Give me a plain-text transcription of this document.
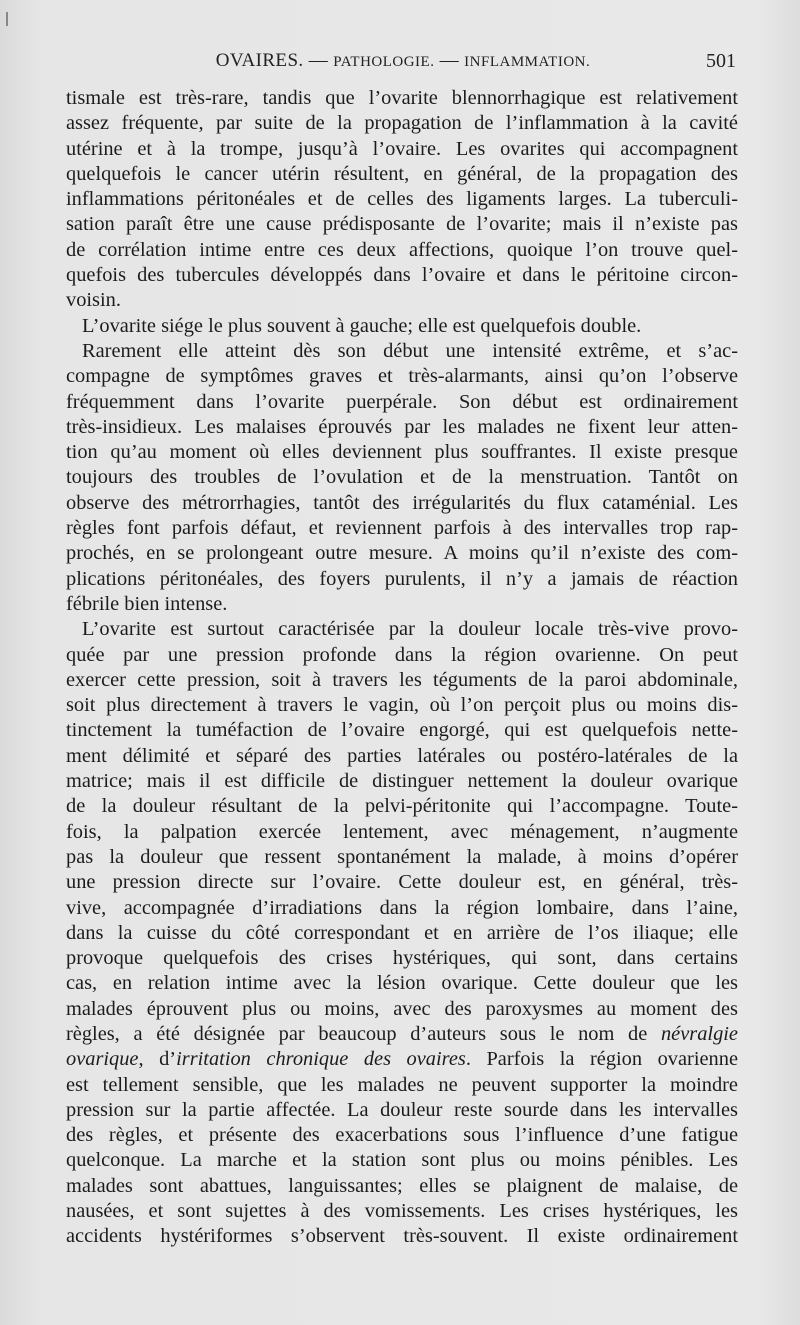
OVAIRES. — PATHOLOGIE. — INFLAMMATION.	501
tismale est très-rare, tandis que l’ovarite blennorrhagique est relativement
assez fréquente, par suite de la propagation de l’inflammation à la cavité
utérine et à la trompe, jusqu’à l’ovaire. Les ovarites qui accompagnent
quelquefois le cancer utérin résultent, en général, de la propagation des
inflammations péritonéales et de celles des ligaments larges. La tuberculi-
sation paraît être une cause prédisposante de l’ovarite; mais il n’existe pas
de corrélation intime entre ces deux affections, quoique l’on trouve quel-
quefois des tubercules développés dans l’ovaire et dans le péritoine circon-
voisin.
L’ovarite siége le plus souvent à gauche; elle est quelquefois double.
Rarement elle atteint dès son début une intensité extrême, et s’ac-
compagne de symptômes graves et très-alarmants, ainsi qu’on l’observe
fréquemment dans l’ovarite puerpérale. Son début est ordinairement
très-insidieux. Les malaises éprouvés par les malades ne fixent leur atten-
tion qu’au moment où elles deviennent plus souffrantes. Il existe presque
toujours des troubles de l’ovulation et de la menstruation. Tantôt on
observe des métrorrhagies, tantôt des irrégularités du flux cataménial. Les
règles font parfois défaut, et reviennent parfois à des intervalles trop rap-
prochés, en se prolongeant outre mesure. A moins qu’il n’existe des com-
plications péritonéales, des foyers purulents, il n’y a jamais de réaction
fébrile bien intense.
L’ovarite est surtout caractérisée par la douleur locale très-vive provo-
quée par une pression profonde dans la région ovarienne. On peut
exercer cette pression, soit à travers les téguments de la paroi abdominale,
soit plus directement à travers le vagin, où l’on perçoit plus ou moins dis-
tinctement la tuméfaction de l’ovaire engorgé, qui est quelquefois nette-
ment délimité et séparé des parties latérales ou postéro-latérales de la
matrice; mais il est difficile de distinguer nettement la douleur ovarique
de la douleur résultant de la pelvi-péritonite qui l’accompagne. Toute-
fois, la palpation exercée lentement, avec ménagement, n’augmente
pas la douleur que ressent spontanément la malade, à moins d’opérer
une pression directe sur l’ovaire. Cette douleur est, en général, très-
vive, accompagnée d’irradiations dans la région lombaire, dans l’aine,
dans la cuisse du côté correspondant et en arrière de l’os iliaque; elle
provoque quelquefois des crises hystériques, qui sont, dans certains
cas, en relation intime avec la lésion ovarique. Cette douleur que les
malades éprouvent plus ou moins, avec des paroxysmes au moment des
règles, a été désignée par beaucoup d’auteurs sous le nom de névralgie
ovarique, d’irritation chronique des ovaires. Parfois la région ovarienne
est tellement sensible, que les malades ne peuvent supporter la moindre
pression sur la partie affectée. La douleur reste sourde dans les intervalles
des règles, et présente des exacerbations sous l’influence d’une fatigue
quelconque. La marche et la station sont plus ou moins pénibles. Les
malades sont abattues, languissantes; elles se plaignent de malaise, de
nausées, et sont sujettes à des vomissements. Les crises hystériques, les
accidents hystériformes s’observent très-souvent. Il existe ordinairement
